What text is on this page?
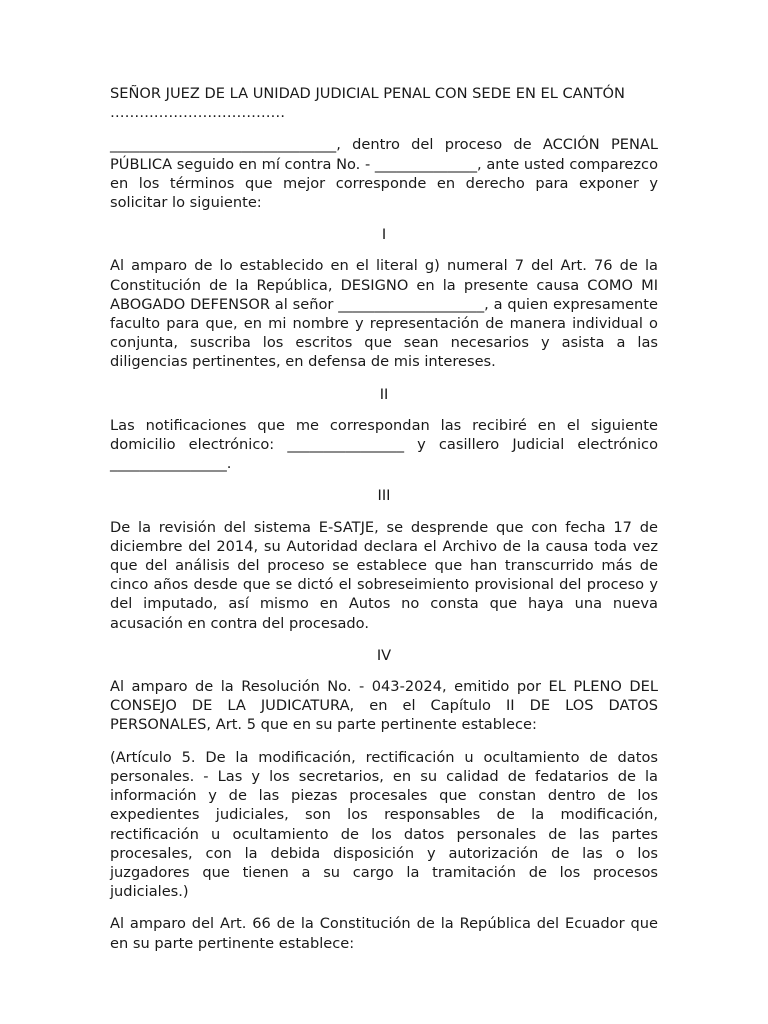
SEÑOR JUEZ DE LA UNIDAD JUDICIAL PENAL CON SEDE EN EL CANTÓN ………………………………

_______________________________, dentro del proceso de ACCIÓN PENAL PÚBLICA seguido en mí contra No. - ______________, ante usted comparezco en los términos que mejor corresponde en derecho para exponer y solicitar lo siguiente:

I

Al amparo de lo establecido en el literal g) numeral 7 del Art. 76 de la Constitución de la República, DESIGNO en la presente causa COMO MI ABOGADO DEFENSOR al señor ____________________, a quien expresamente faculto para que, en mi nombre y representación de manera individual o conjunta, suscriba los escritos que sean necesarios y asista a las diligencias pertinentes, en defensa de mis intereses.

II

Las notificaciones que me correspondan las recibiré en el siguiente domicilio electrónico: ________________ y casillero Judicial electrónico ________________.

III

De la revisión del sistema E-SATJE, se desprende que con fecha 17 de diciembre del 2014, su Autoridad declara el Archivo de la causa toda vez que del análisis del proceso se establece que han transcurrido más de cinco años desde que se dictó el sobreseimiento provisional del proceso y del imputado, así mismo en Autos no consta que haya una nueva acusación en contra del procesado.

IV

Al amparo de la Resolución No. - 043-2024, emitido por EL PLENO DEL CONSEJO DE LA JUDICATURA, en el Capítulo II DE LOS DATOS PERSONALES, Art. 5 que en su parte pertinente establece:

(Artículo 5. De la modificación, rectificación u ocultamiento de datos personales. - Las y los secretarios, en su calidad de fedatarios de la información y de las piezas procesales que constan dentro de los expedientes judiciales, son los responsables de la modificación, rectificación u ocultamiento de los datos personales de las partes procesales, con la debida disposición y autorización de las o los juzgadores que tienen a su cargo la tramitación de los procesos judiciales.)

Al amparo del Art. 66 de la Constitución de la República del Ecuador que en su parte pertinente establece:
